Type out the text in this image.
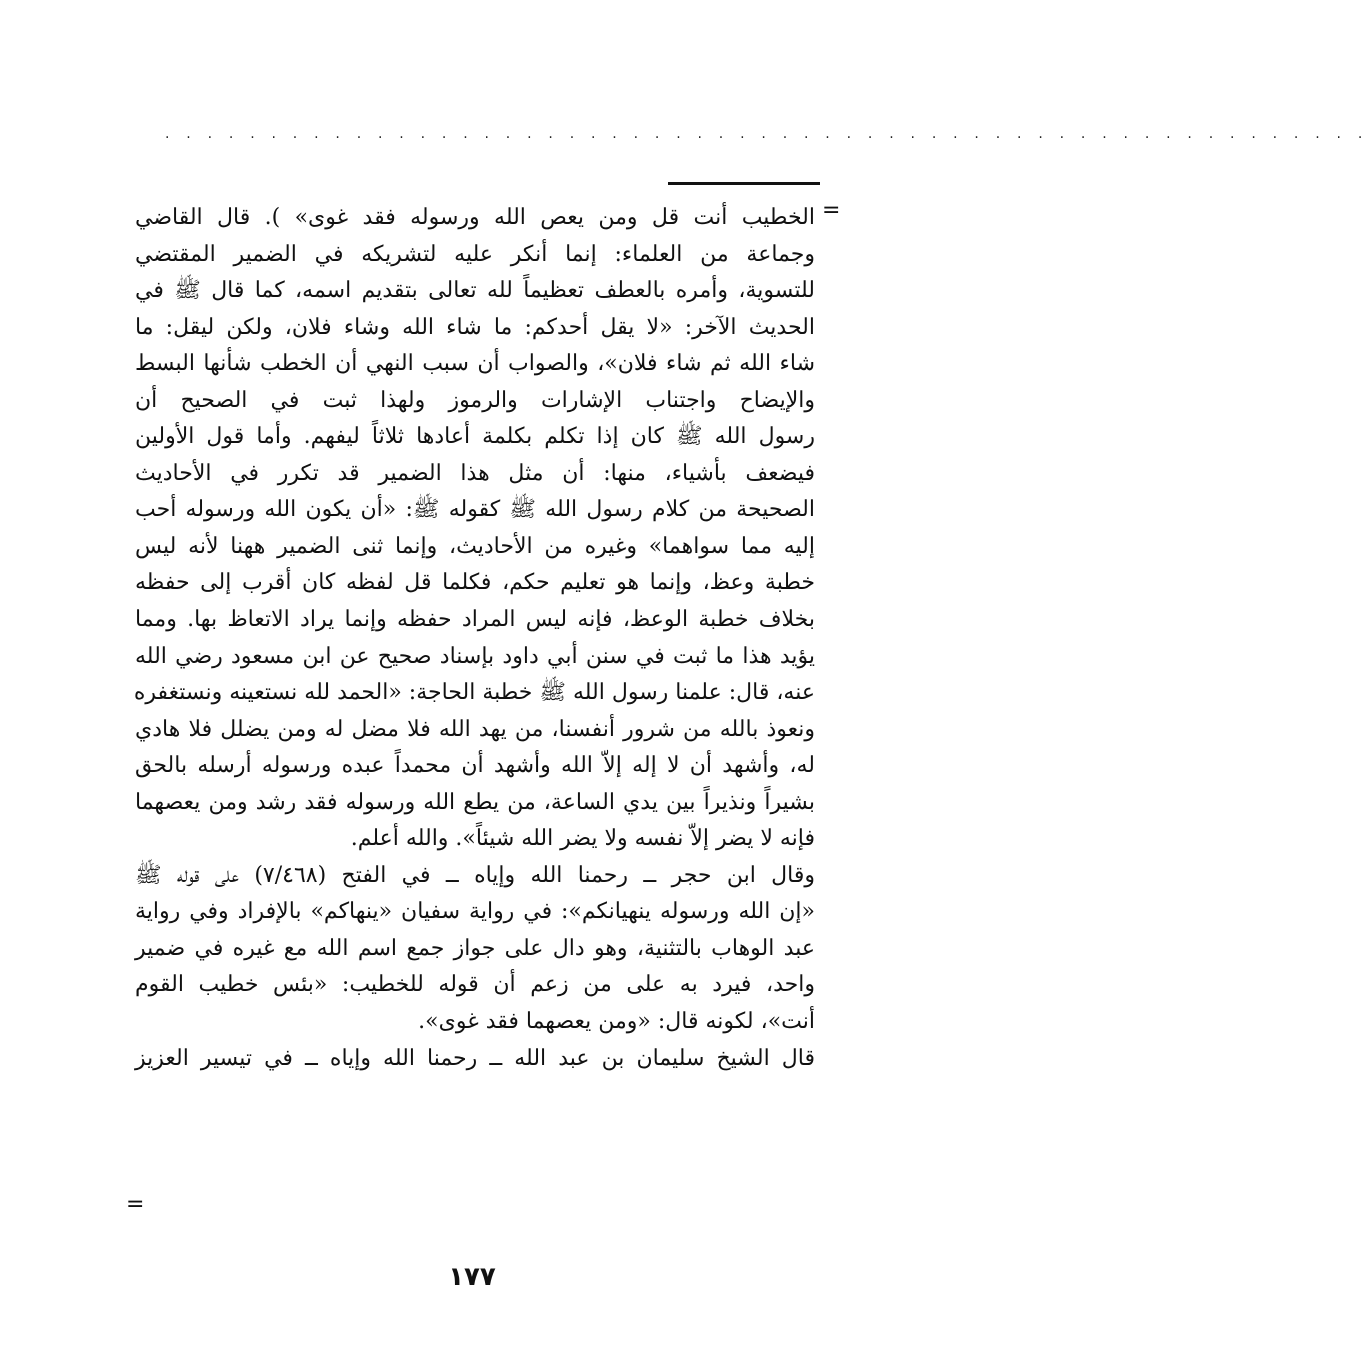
· · · · · · · · · · · · · · · · · · · · · · · · · · · · · · · · · · · · · · · · · · · · · · · · · · · · · · · · ·
=
الخطيب أنت قل ومن يعص الله ورسوله فقد غوى» ). قال القاضي
وجماعة من العلماء: إنما أنكر عليه لتشريكه في الضمير المقتضي
للتسوية، وأمره بالعطف تعظيماً لله تعالى بتقديم اسمه، كما قال ﷺ في
الحديث الآخر: «لا يقل أحدكم: ما شاء الله وشاء فلان، ولكن ليقل: ما
شاء الله ثم شاء فلان»، والصواب أن سبب النهي أن الخطب شأنها البسط
والإيضاح واجتناب الإشارات والرموز ولهذا ثبت في الصحيح أن
رسول الله ﷺ كان إذا تكلم بكلمة أعادها ثلاثاً ليفهم. وأما قول الأولين
فيضعف بأشياء، منها: أن مثل هذا الضمير قد تكرر في الأحاديث
الصحيحة من كلام رسول الله ﷺ كقوله ﷺ: «أن يكون الله ورسوله أحب
إليه مما سواهما» وغيره من الأحاديث، وإنما ثنى الضمير ههنا لأنه ليس
خطبة وعظ، وإنما هو تعليم حكم، فكلما قل لفظه كان أقرب إلى حفظه
بخلاف خطبة الوعظ، فإنه ليس المراد حفظه وإنما يراد الاتعاظ بها. ومما
يؤيد هذا ما ثبت في سنن أبي داود بإسناد صحيح عن ابن مسعود رضي الله
عنه، قال: علمنا رسول الله ﷺ خطبة الحاجة: «الحمد لله نستعينه ونستغفره
ونعوذ بالله من شرور أنفسنا، من يهد الله فلا مضل له ومن يضلل فلا هادي
له، وأشهد أن لا إله إلاّ الله وأشهد أن محمداً عبده ورسوله أرسله بالحق
بشيراً ونذيراً بين يدي الساعة، من يطع الله ورسوله فقد رشد ومن يعصهما
فإنه لا يضر إلاّ نفسه ولا يضر الله شيئاً». والله أعلم.
وقال ابن حجر ــ رحمنا الله وإياه ــ في الفتح (٧/٤٦٨) على قوله ﷺ
«إن الله ورسوله ينهيانكم»: في رواية سفيان «ينهاكم» بالإفراد وفي رواية
عبد الوهاب بالتثنية، وهو دال على جواز جمع اسم الله مع غيره في ضمير
واحد، فيرد به على من زعم أن قوله للخطيب: «بئس خطيب القوم
أنت»، لكونه قال: «ومن يعصهما فقد غوى».
قال الشيخ سليمان بن عبد الله ــ رحمنا الله وإياه ــ في تيسير العزيز
=
١٧٧
